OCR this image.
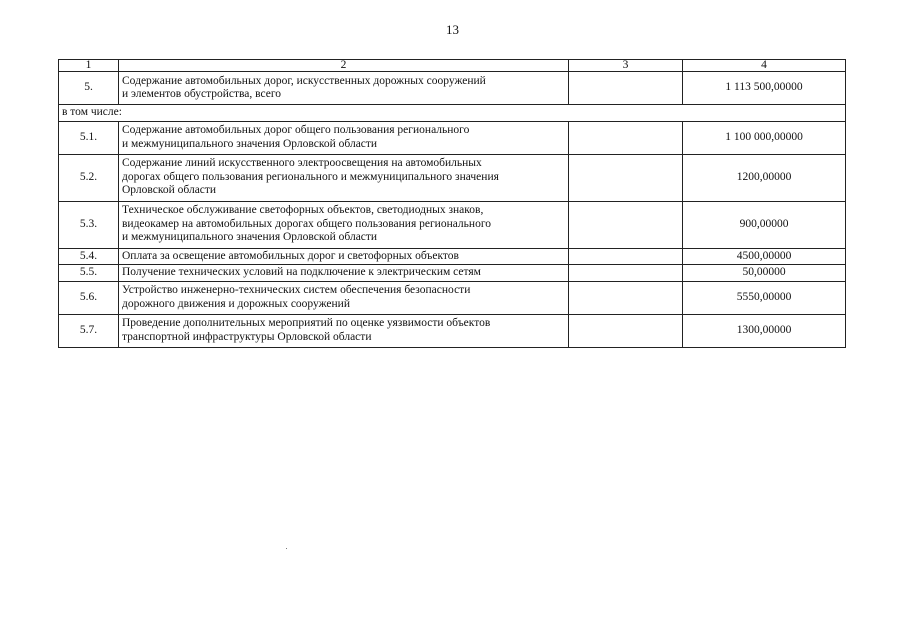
13
1	2	3	4
5.	Содержание автомобильных дорог, искусственных дорожных сооружений
и элементов обустройства, всего		1 113 500,00000
в том числе:			
5.1.	Содержание автомобильных дорог общего пользования регионального
и межмуниципального значения Орловской области		1 100 000,00000
5.2.	Содержание линий искусственного электроосвещения на автомобильных
дорогах общего пользования регионального и межмуниципального значения
Орловской области		1200,00000
5.3.	Техническое обслуживание светофорных объектов, светодиодных знаков,
видеокамер на автомобильных дорогах общего пользования регионального
и межмуниципального значения Орловской области		900,00000
5.4.	Оплата за освещение автомобильных дорог и светофорных объектов		4500,00000
5.5.	Получение технических условий на подключение к электрическим сетям		50,00000
5.6.	Устройство инженерно-технических систем обеспечения безопасности
дорожного движения и дорожных сооружений		5550,00000
5.7.	Проведение дополнительных мероприятий по оценке уязвимости объектов
транспортной инфраструктуры Орловской области		1300,00000
